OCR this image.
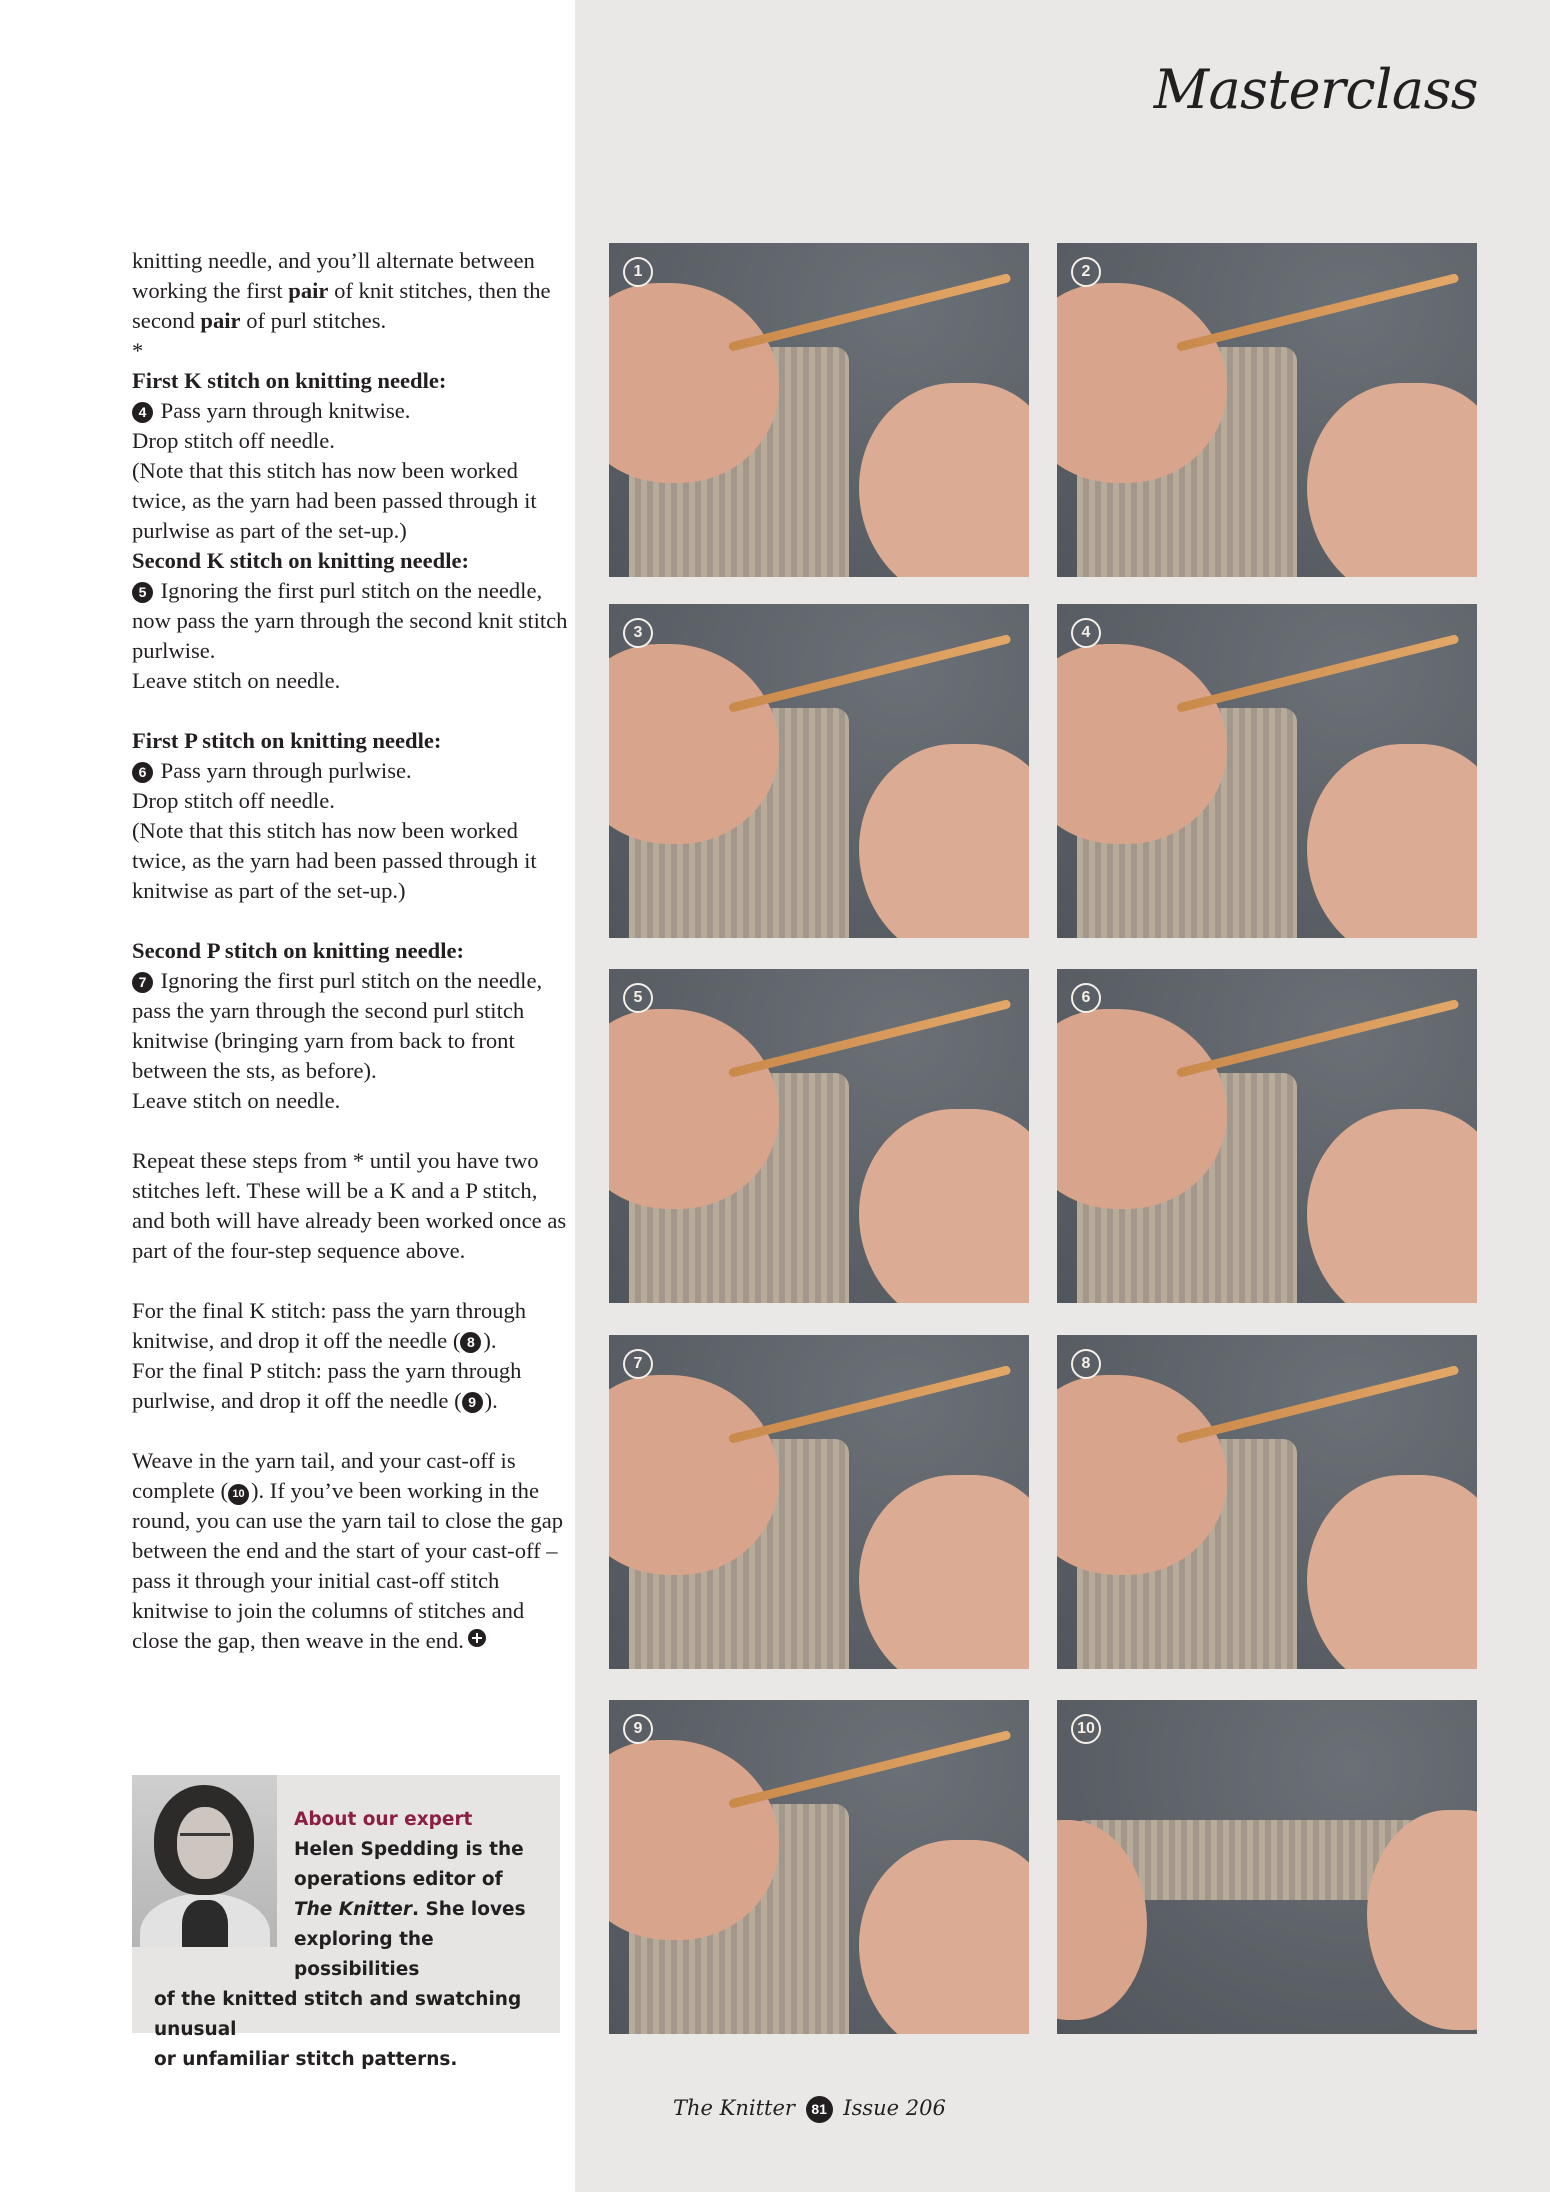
Masterclass

knitting needle, and you’ll alternate between working the first pair of knit stitches, then the second pair of purl stitches.

*

First K stitch on knitting needle:

4 Pass yarn through knitwise.

Drop stitch off needle.

(Note that this stitch has now been worked twice, as the yarn had been passed through it purlwise as part of the set-up.)

Second K stitch on knitting needle:

5 Ignoring the first purl stitch on the needle, now pass the yarn through the second knit stitch purlwise.

Leave stitch on needle.

First P stitch on knitting needle:

6 Pass yarn through purlwise.

Drop stitch off needle.

(Note that this stitch has now been worked twice, as the yarn had been passed through it knitwise as part of the set-up.)

Second P stitch on knitting needle:

7 Ignoring the first purl stitch on the needle, pass the yarn through the second purl stitch knitwise (bringing yarn from back to front between the sts, as before).

Leave stitch on needle.

Repeat these steps from * until you have two stitches left. These will be a K and a P stitch, and both will have already been worked once as part of the four-step sequence above.

For the final K stitch: pass the yarn through knitwise, and drop it off the needle ( 8 ).

For the final P stitch: pass the yarn through purlwise, and drop it off the needle ( 9 ).

Weave in the yarn tail, and your cast-off is complete ( 10 ). If you’ve been working in the round, you can use the yarn tail to close the gap between the end and the start of your cast-off – pass it through your initial cast-off stitch knitwise to join the columns of stitches and close the gap, then weave in the end.

About our expert
Helen Spedding is the
operations editor of
The Knitter. She loves
exploring the possibilities
of the knitted stitch and swatching unusual
or unfamiliar stitch patterns.
1	2
3	4
5	6
7	8
9	10
The Knitter 81 Issue 206
